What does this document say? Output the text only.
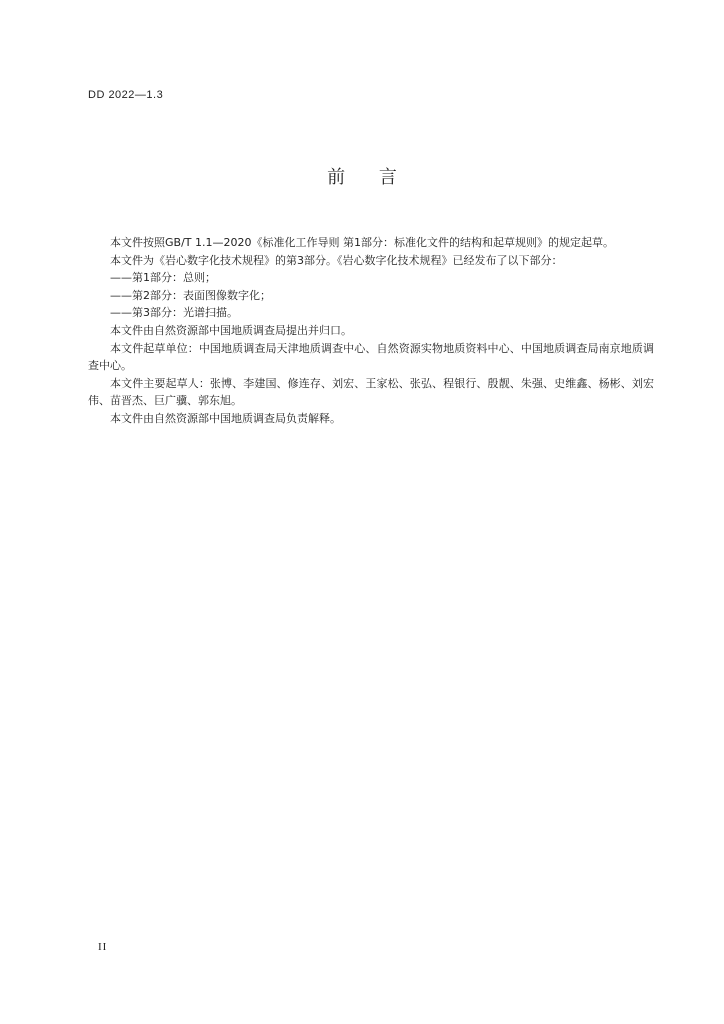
DD 2022—1.3
前 言

本文件按照GB/T 1.1—2020《标准化工作导则 第1部分：标准化文件的结构和起草规则》的规定起草。

本文件为《岩心数字化技术规程》的第3部分。《岩心数字化技术规程》已经发布了以下部分：

——第1部分：总则；

——第2部分：表面图像数字化；

——第3部分：光谱扫描。

本文件由自然资源部中国地质调查局提出并归口。

本文件起草单位：中国地质调查局天津地质调查中心、自然资源实物地质资料中心、中国地质调查局南京地质调查中心。

本文件主要起草人：张博、李建国、修连存、刘宏、王家松、张弘、程银行、殷靓、朱强、史维鑫、杨彬、刘宏伟、苗晋杰、巨广骥、郭东旭。

本文件由自然资源部中国地质调查局负责解释。

II
